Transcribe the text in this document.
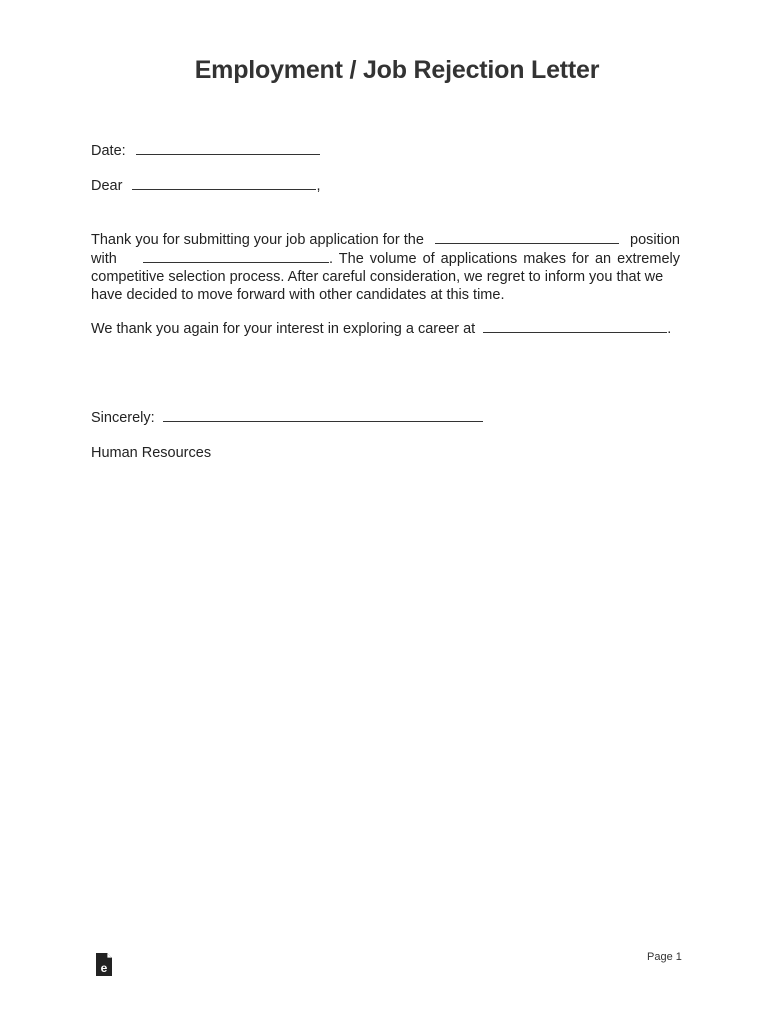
Employment / Job Rejection Letter
Date:
Dear	,
Thank you for submitting your job application for the	position
with	. The volume of applications makes for an extremely
competitive selection process. After careful consideration, we regret to inform you that we
have decided to move forward with other candidates at this time.
We thank you again for your interest in exploring a career at	.
Sincerely:
Human Resources
e
Page 1
